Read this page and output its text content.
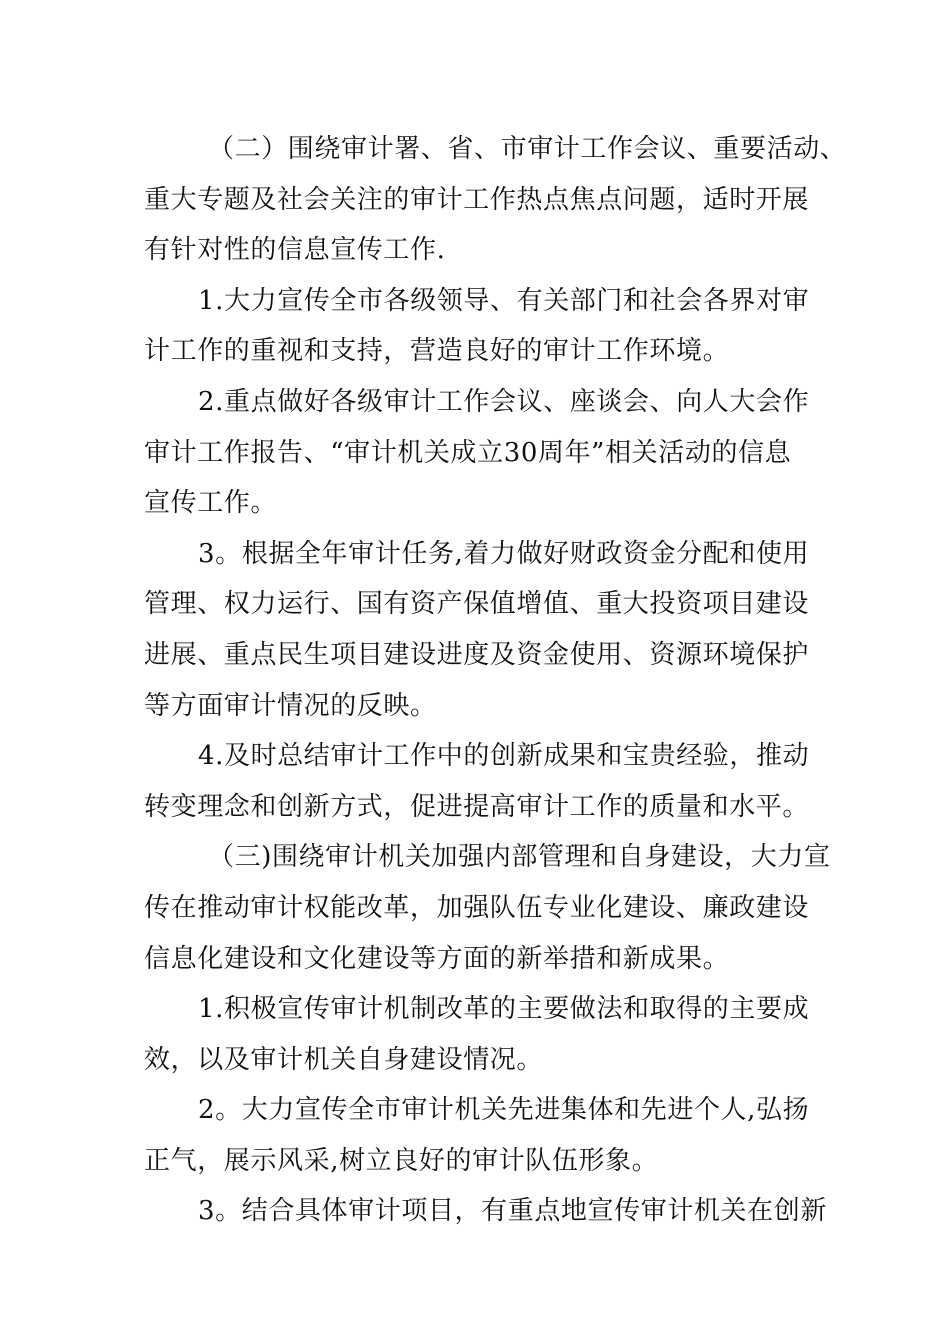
（二）围绕审计署、省、市审计工作会议、重要活动、
重大专题及社会关注的审计工作热点焦点问题，适时开展
有针对性的信息宣传工作.
1.大力宣传全市各级领导、有关部门和社会各界对审
计工作的重视和支持，营造良好的审计工作环境。
2.重点做好各级审计工作会议、座谈会、向人大会作
审计工作报告、“审计机关成立30周年”相关活动的信息
宣传工作。
3。根据全年审计任务,着力做好财政资金分配和使用
管理、权力运行、国有资产保值增值、重大投资项目建设
进展、重点民生项目建设进度及资金使用、资源环境保护
等方面审计情况的反映。
4.及时总结审计工作中的创新成果和宝贵经验，推动
转变理念和创新方式，促进提高审计工作的质量和水平。
（三)围绕审计机关加强内部管理和自身建设，大力宣
传在推动审计权能改革，加强队伍专业化建设、廉政建设
信息化建设和文化建设等方面的新举措和新成果。
1.积极宣传审计机制改革的主要做法和取得的主要成
效，以及审计机关自身建设情况。
2。大力宣传全市审计机关先进集体和先进个人,弘扬
正气，展示风采,树立良好的审计队伍形象。
3。结合具体审计项目，有重点地宣传审计机关在创新
